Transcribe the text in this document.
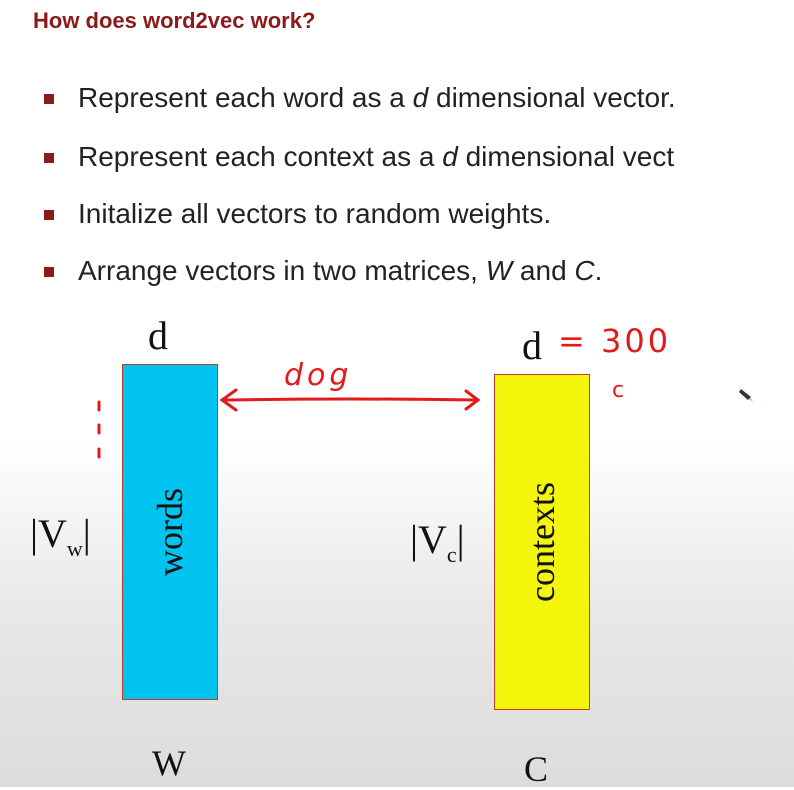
How does word2vec work?
Represent each word as a d dimensional vector.
Represent each context as a d dimensional vect
Initalize all vectors to random weights.
Arrange vectors in two matrices, W and C.
d
words
$|V_w|$
W
d
contexts
$|V_c|$
C
= 300
dog	c
